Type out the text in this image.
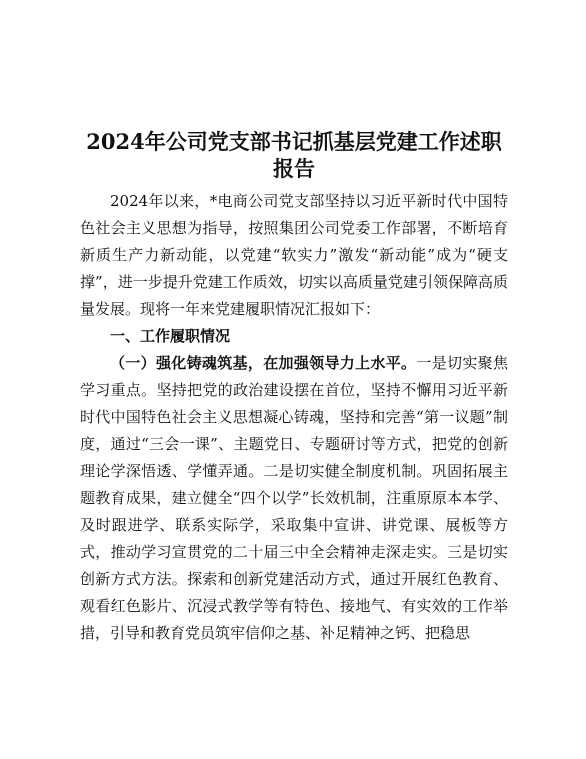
2024年公司党支部书记抓基层党建工作述职报告

2024年以来，*电商公司党支部坚持以习近平新时代中国特色社会主义思想为指导，按照集团公司党委工作部署，不断培育新质生产力新动能，以党建“软实力”激发“新动能”成为“硬支撑”，进一步提升党建工作质效，切实以高质量党建引领保障高质量发展。现将一年来党建履职情况汇报如下：

一、工作履职情况

（一）强化铸魂筑基，在加强领导力上水平。一是切实聚焦学习重点。坚持把党的政治建设摆在首位，坚持不懈用习近平新时代中国特色社会主义思想凝心铸魂，坚持和完善“第一议题”制度，通过“三会一课”、主题党日、专题研讨等方式，把党的创新理论学深悟透、学懂弄通。二是切实健全制度机制。巩固拓展主题教育成果，建立健全“四个以学”长效机制，注重原原本本学、及时跟进学、联系实际学，采取集中宣讲、讲党课、展板等方式，推动学习宣贯党的二十届三中全会精神走深走实。三是切实创新方式方法。探索和创新党建活动方式，通过开展红色教育、观看红色影片、沉浸式教学等有特色、接地气、有实效的工作举措，引导和教育党员筑牢信仰之基、补足精神之钙、把稳思
